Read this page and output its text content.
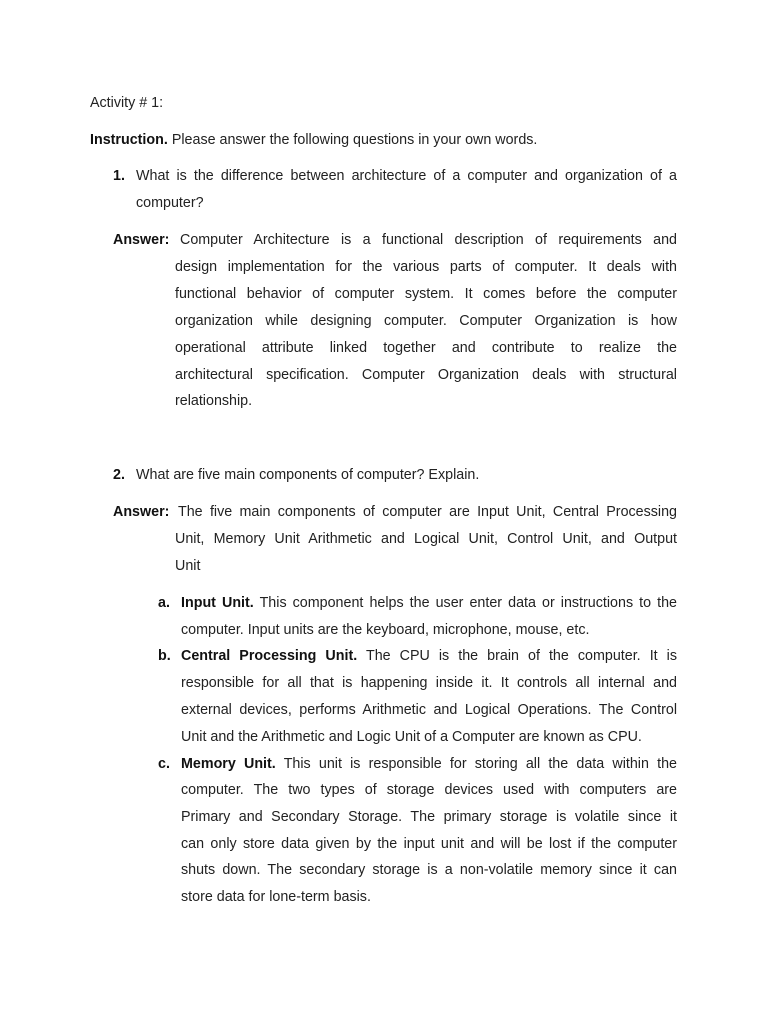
Activity # 1:
Instruction. Please answer the following questions in your own words.
1. What is the difference between architecture of a computer and organization of a
computer?
Answer: Computer Architecture is a functional description of requirements and
design implementation for the various parts of computer. It deals with
functional behavior of computer system. It comes before the computer
organization while designing computer. Computer Organization is how
operational attribute linked together and contribute to realize the
architectural specification. Computer Organization deals with structural
relationship.
2. What are five main components of computer? Explain.
Answer: The five main components of computer are Input Unit, Central Processing
Unit, Memory Unit Arithmetic and Logical Unit, Control Unit, and Output
Unit
a. Input Unit. This component helps the user enter data or instructions to the
computer. Input units are the keyboard, microphone, mouse, etc.
b. Central Processing Unit. The CPU is the brain of the computer. It is
responsible for all that is happening inside it. It controls all internal and
external devices, performs Arithmetic and Logical Operations. The Control
Unit and the Arithmetic and Logic Unit of a Computer are known as CPU.
c. Memory Unit. This unit is responsible for storing all the data within the
computer. The two types of storage devices used with computers are
Primary and Secondary Storage. The primary storage is volatile since it
can only store data given by the input unit and will be lost if the computer
shuts down. The secondary storage is a non-volatile memory since it can
store data for lone-term basis.
